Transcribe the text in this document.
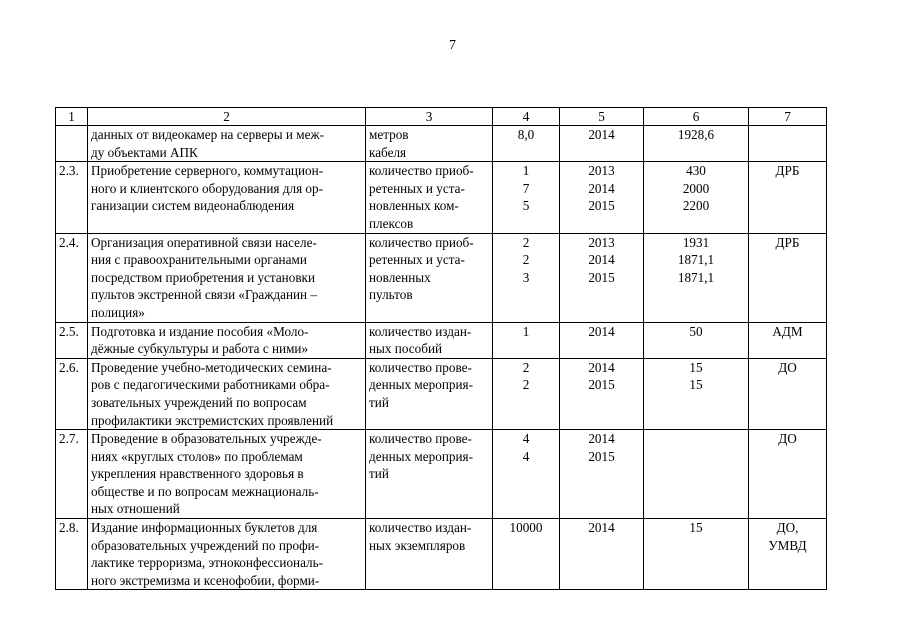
7
1	2	3	4	5	6	7

	данных от видеокамер на серверы и меж-
ду объектами АПК	метров
кабеля	8,0	2014	1928,6	

2.3.	Приобретение серверного, коммутацион-
ного и клиентского оборудования для ор-
ганизации систем видеонаблюдения	количество приоб-
ретенных и уста-
новленных ком-
плексов	1
7
5	2013
2014
2015	430
2000
2200	ДРБ

2.4.	Организация оперативной связи населе-
ния с правоохранительными органами
посредством приобретения и установки
пультов экстренной связи «Гражданин –
полиция»	количество приоб-
ретенных и уста-
новленных
пультов	2
2
3	2013
2014
2015	1931
1871,1
1871,1	ДРБ

2.5.	Подготовка и издание пособия «Моло-
дёжные субкультуры и работа с ними»	количество издан-
ных пособий	1	2014	50	АДМ

2.6.	Проведение учебно-методических семина-
ров с педагогическими работниками обра-
зовательных учреждений по вопросам
профилактики экстремистских проявлений	количество прове-
денных мероприя-
тий	2
2	2014
2015	15
15	ДО

2.7.	Проведение в образовательных учрежде-
ниях «круглых столов» по проблемам
укрепления нравственного здоровья в
обществе и по вопросам межнациональ-
ных отношений	количество прове-
денных мероприя-
тий	4
4	2014
2015		ДО

2.8.	Издание информационных буклетов для
образовательных учреждений по профи-
лактике терроризма, этноконфессиональ-
ного экстремизма и ксенофобии, форми-	количество издан-
ных экземпляров	10000	2014	15	ДО,
УМВД
